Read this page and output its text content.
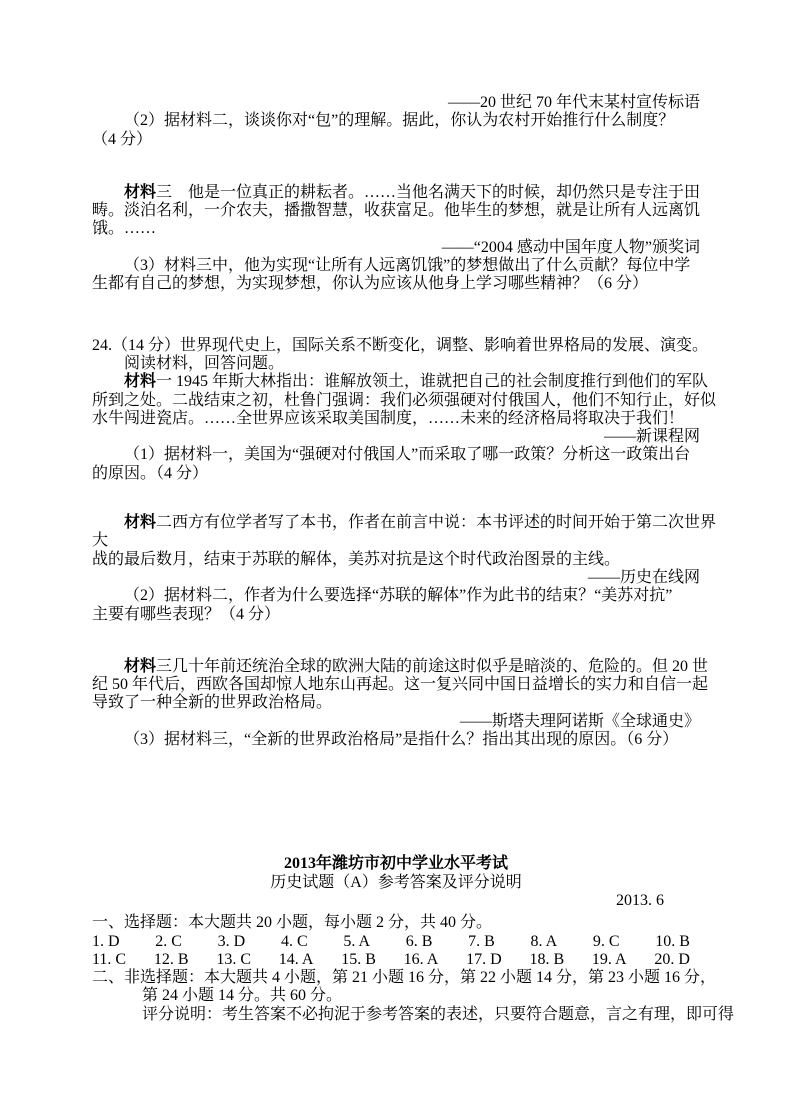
——20 世纪 70 年代末某村宣传标语
（2）据材料二，谈谈你对“包”的理解。据此，你认为农村开始推行什么制度？
（4 分）
材料三　他是一位真正的耕耘者。……当他名满天下的时候，却仍然只是专注于田
畴。淡泊名利，一介农夫，播撒智慧，收获富足。他毕生的梦想，就是让所有人远离饥
饿。……
——“2004 感动中国年度人物”颁奖词
（3）材料三中，他为实现“让所有人远离饥饿”的梦想做出了什么贡献？每位中学
生都有自己的梦想，为实现梦想，你认为应该从他身上学习哪些精神？（6 分）
24.（14 分）世界现代史上，国际关系不断变化，调整、影响着世界格局的发展、演变。
阅读材料，回答问题。
材料一 1945 年斯大林指出：谁解放领土，谁就把自己的社会制度推行到他们的军队
所到之处。二战结束之初，杜鲁门强调：我们必须强硬对付俄国人，他们不知行止，好似
水牛闯进瓷店。……全世界应该采取美国制度，……未来的经济格局将取决于我们！
——新课程网
（1）据材料一，美国为“强硬对付俄国人”而采取了哪一政策？分析这一政策出台
的原因。（4 分）
材料二西方有位学者写了本书，作者在前言中说：本书评述的时间开始于第二次世界
大
战的最后数月，结束于苏联的解体，美苏对抗是这个时代政治图景的主线。
——历史在线网
（2）据材料二，作者为什么要选择“苏联的解体”作为此书的结束？“美苏对抗”
主要有哪些表现？（4 分）
材料三几十年前还统治全球的欧洲大陆的前途这时似乎是暗淡的、危险的。但 20 世
纪 50 年代后，西欧各国却惊人地东山再起。这一复兴同中国日益增长的实力和自信一起
导致了一种全新的世界政治格局。
——斯塔夫理阿诺斯《全球通史》
（3）据材料三，“全新的世界政治格局”是指什么？指出其出现的原因。（6 分）
2013年潍坊市初中学业水平考试
历史试题（A）参考答案及评分说明
2013. 6
一、选择题：本大题共 20 小题，每小题 2 分，共 40 分。
1. D 2. C 3. D 4. C 5. A 6. B 7. B 8. A 9. C 10. B
11. C 12. B 13. C 14. A 15. B 16. A 17. D 18. B 19. A 20. D
二、非选择题：本大题共 4 小题，第 21 小题 16 分，第 22 小题 14 分，第 23 小题 16 分，
第 24 小题 14 分。共 60 分。
评分说明：考生答案不必拘泥于参考答案的表述，只要符合题意，言之有理，即可得
